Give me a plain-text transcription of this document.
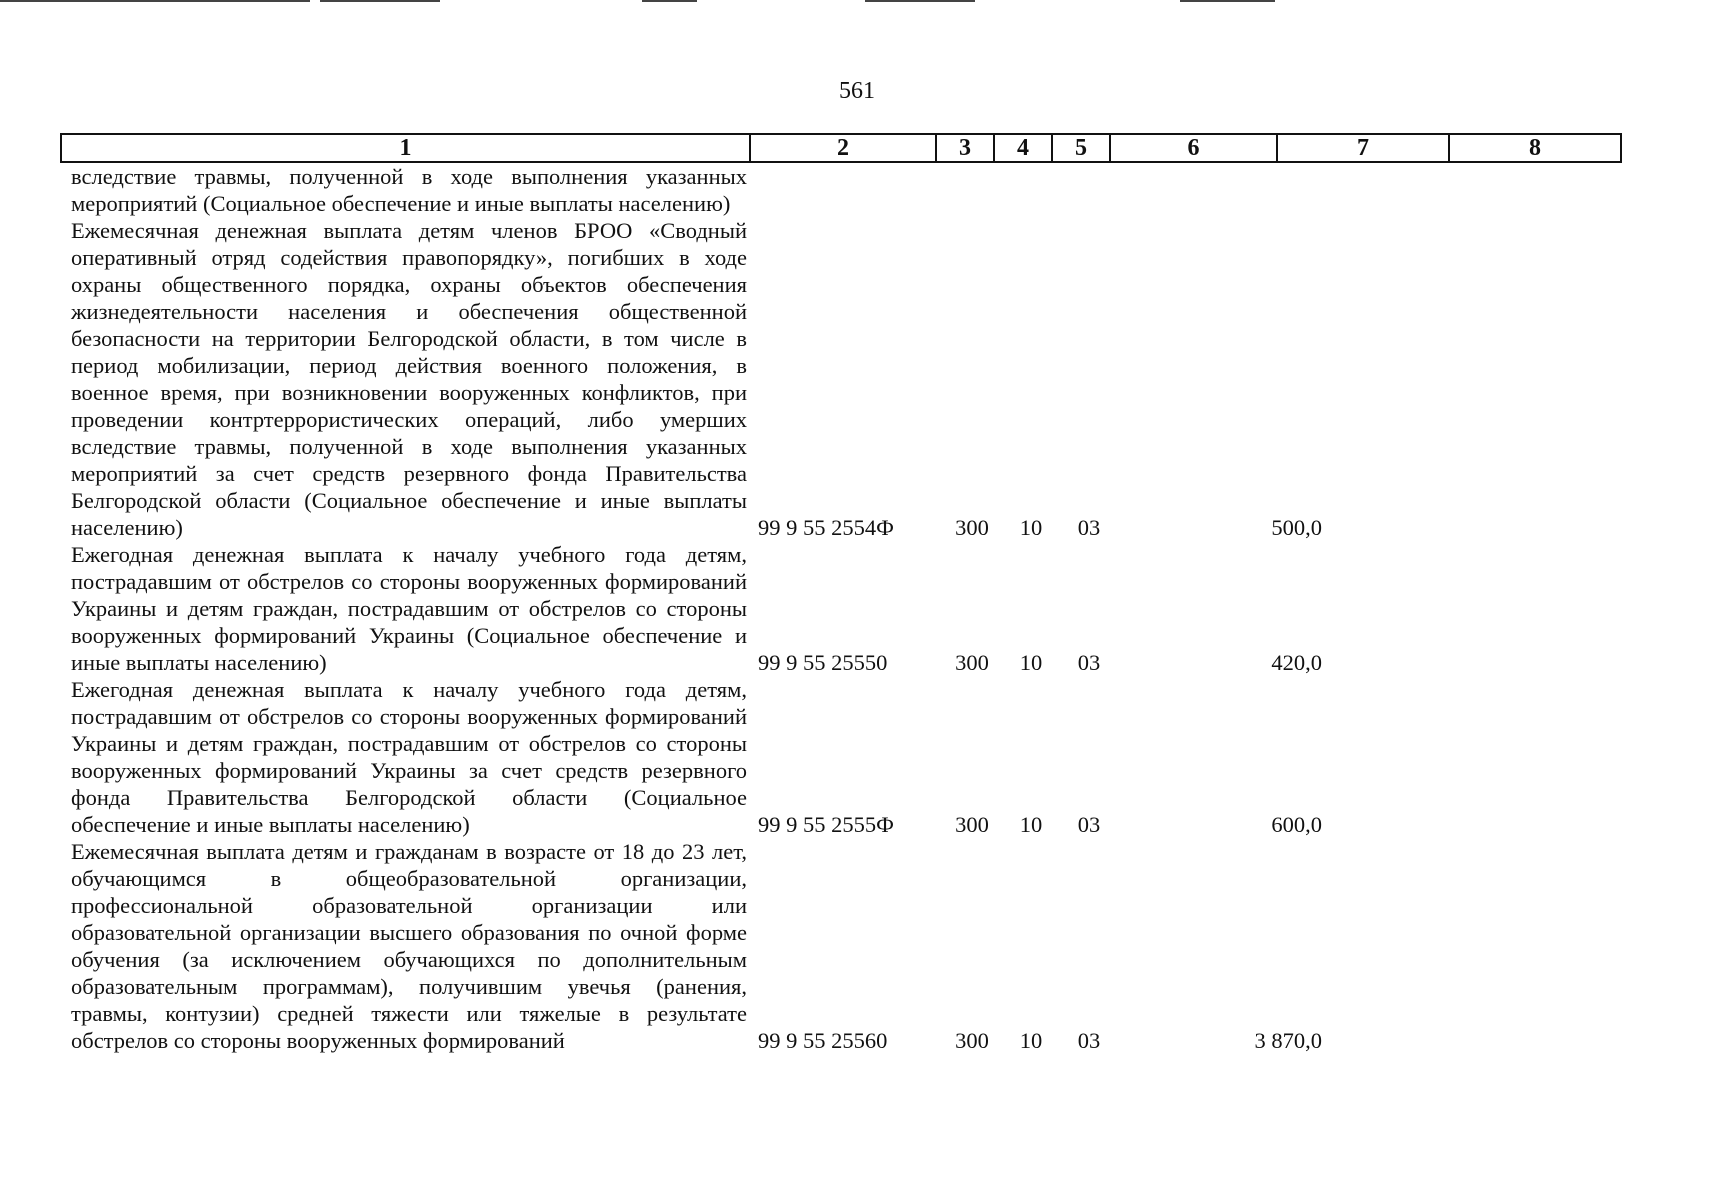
561
1	2	3	4	5	6	7	8
вследствие травмы, полученной в ходе выполнения указанных мероприятий (Социальное обеспечение и иные выплаты населению)
Ежемесячная денежная выплата детям членов БРОО «Сводный оперативный отряд содействия правопорядку», погибших в ходе охраны общественного порядка, охраны объектов обеспечения жизнедеятельности населения и обеспечения общественной безопасности на территории Белгородской области, в том числе в период мобилизации, период действия военного положения, в военное время, при возникновении вооруженных конфликтов, при проведении контртеррористических операций, либо умерших вследствие травмы, полученной в ходе выполнения указанных мероприятий за счет средств резервного фонда Правительства Белгородской области (Социальное обеспечение и иные выплаты населению)	99 9 55 2554Ф	300	10	03	500,0
Ежегодная денежная выплата к началу учебного года детям, пострадавшим от обстрелов со стороны вооруженных формирований Украины и детям граждан, пострадавшим от обстрелов со стороны вооруженных формирований Украины (Социальное обеспечение и иные выплаты населению)	99 9 55 25550	300	10	03	420,0
Ежегодная денежная выплата к началу учебного года детям, пострадавшим от обстрелов со стороны вооруженных формирований Украины и детям граждан, пострадавшим от обстрелов со стороны вооруженных формирований Украины за счет средств резервного фонда Правительства Белгородской области (Социальное обеспечение и иные выплаты населению)	99 9 55 2555Ф	300	10	03	600,0
Ежемесячная выплата детям и гражданам в возрасте от 18 до 23 лет, обучающимся в общеобразовательной организации, профессиональной образовательной организации или образовательной организации высшего образования по очной форме обучения (за исключением обучающихся по дополнительным образовательным программам), получившим увечья (ранения, травмы, контузии) средней тяжести или тяжелые в результате обстрелов со стороны вооруженных формирований	99 9 55 25560	300	10	03	3 870,0
